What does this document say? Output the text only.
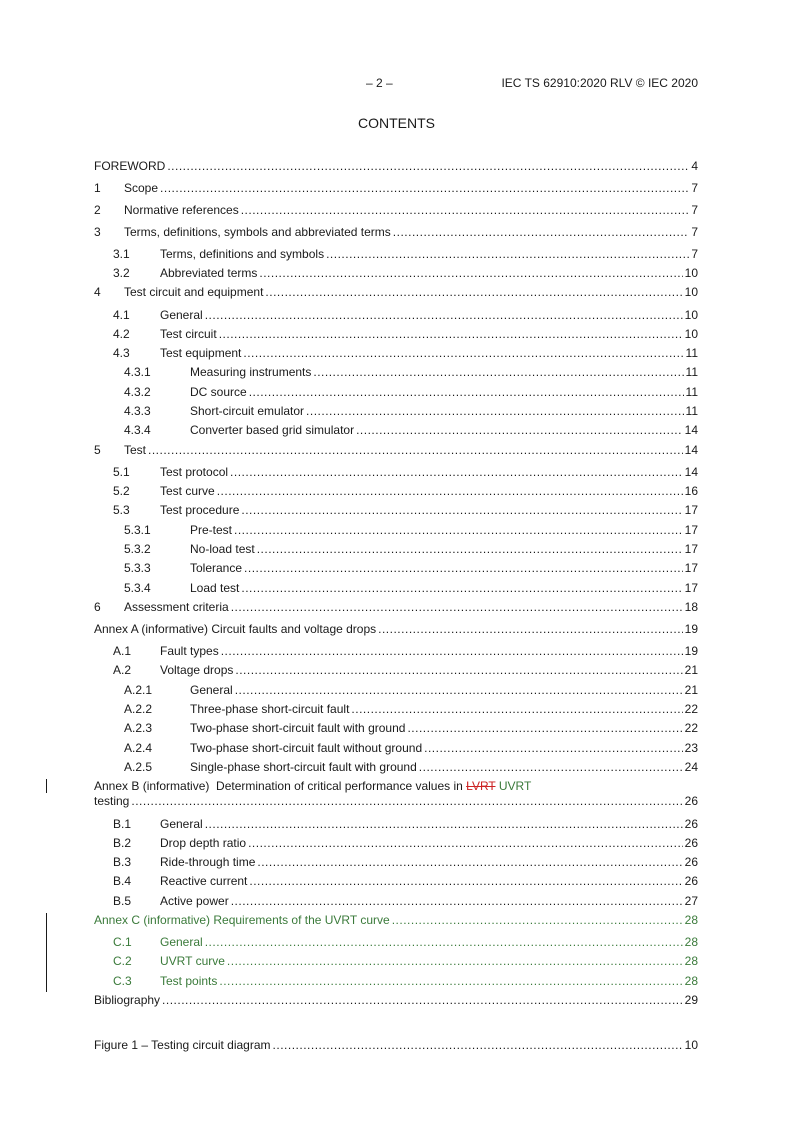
– 2 –	IEC TS 62910:2020 RLV © IEC 2020
CONTENTS
FOREWORD .....	4
1 Scope .....	7
2 Normative references .....	7
3 Terms, definitions, symbols and abbreviated terms .....	7
3.1	Terms, definitions and symbols .....	7
3.2	Abbreviated terms .....	10
4 Test circuit and equipment .....	10
4.1	General .....	10
4.2	Test circuit .....	10
4.3	Test equipment .....	11
4.3.1	Measuring instruments .....	11
4.3.2	DC source .....	11
4.3.3	Short-circuit emulator .....	11
4.3.4	Converter based grid simulator .....	14
5 Test .....	14
5.1	Test protocol .....	14
5.2	Test curve .....	16
5.3	Test procedure .....	17
5.3.1	Pre-test .....	17
5.3.2	No-load test .....	17
5.3.3	Tolerance .....	17
5.3.4	Load test .....	17
6 Assessment criteria .....	18
Annex A (informative) Circuit faults and voltage drops .....	19
A.1 Fault types .....	19
A.2 Voltage drops .....	21
A.2.1	General .....	21
A.2.2	Three-phase short-circuit fault .....	22
A.2.3	Two-phase short-circuit fault with ground .....	22
A.2.4	Two-phase short-circuit fault without ground .....	23
A.2.5	Single-phase short-circuit fault with ground .....	24
Annex B (informative)  Determination of critical performance values in LVRT UVRT
testing .....	26
B.1 General .....	26
B.2 Drop depth ratio .....	26
B.3 Ride-through time .....	26
B.4 Reactive current .....	26
B.5 Active power .....	27
Annex C (informative) Requirements of the UVRT curve .....	28
C.1 General .....	28
C.2 UVRT curve .....	28
C.3 Test points .....	28
Bibliography .....	29
Figure 1 – Testing circuit diagram .....	10
